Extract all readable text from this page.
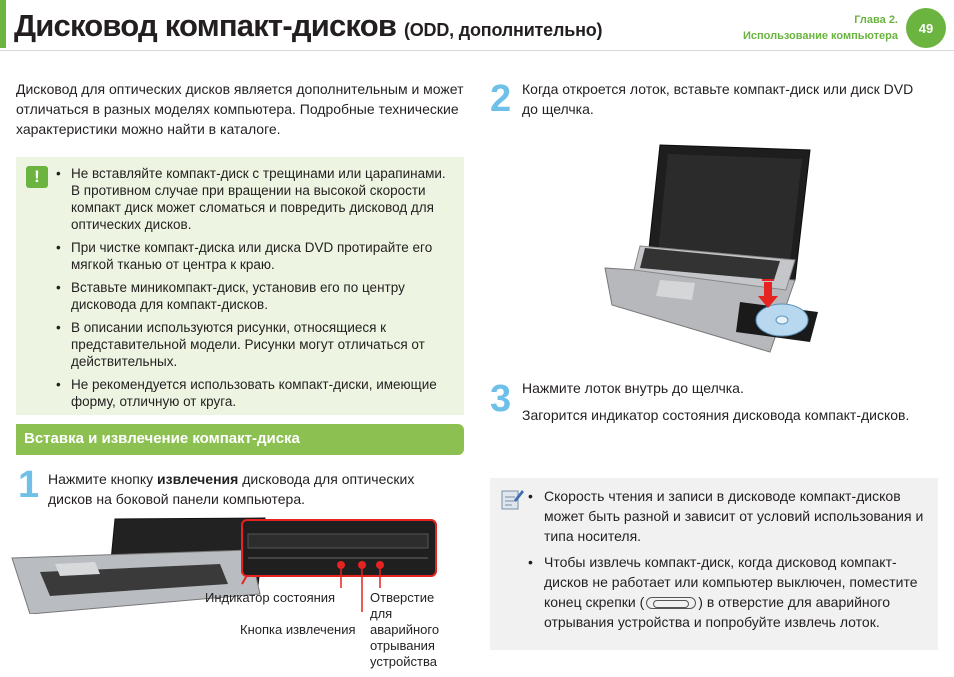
Дисковод компакт-дисков (ODD, дополнительно)	Глава 2.
Использование компьютера
49

Дисковод для оптических дисков является дополнительным и может отличаться в разных моделях компьютера. Подробные технические характеристики можно найти в каталоге.

!
•	Не вставляйте компакт-диск с трещинами или царапинами. В противном случае при вращении на высокой скорости компакт диск может сломаться и повредить дисковод для оптических дисков.
• При чистке компакт-диска или диска DVD протирайте его мягкой тканью от центра к краю.
• Вставьте миникомпакт-диск, установив его по центру дисковода для компакт-дисков.
• В описании используются рисунки, относящиеся к представительной модели. Рисунки могут отличаться от действительных.
• Не рекомендуется использовать компакт-диски, имеющие форму, отличную от круга.
Вставка и извлечение компакт-диска
1 Нажмите кнопку извлечения дисковода для оптических дисков на боковой панели компьютера.
Индикатор состояния
Кнопка извлечения
Отверстие для аварийного отрывания устройства
2 Когда откроется лоток, вставьте компакт-диск или диск DVD до щелчка.
3 Нажмите лоток внутрь до щелчка.
Загорится индикатор состояния дисковода компакт-дисков.
• Скорость чтения и записи в дисководе компакт-дисков может быть разной и зависит от условий использования и типа носителя.
• Чтобы извлечь компакт-диск, когда дисковод компакт-дисков не работает или компьютер выключен, поместите конец скрепки (	) в отверстие для аварийного отрывания устройства и попробуйте извлечь лоток.
